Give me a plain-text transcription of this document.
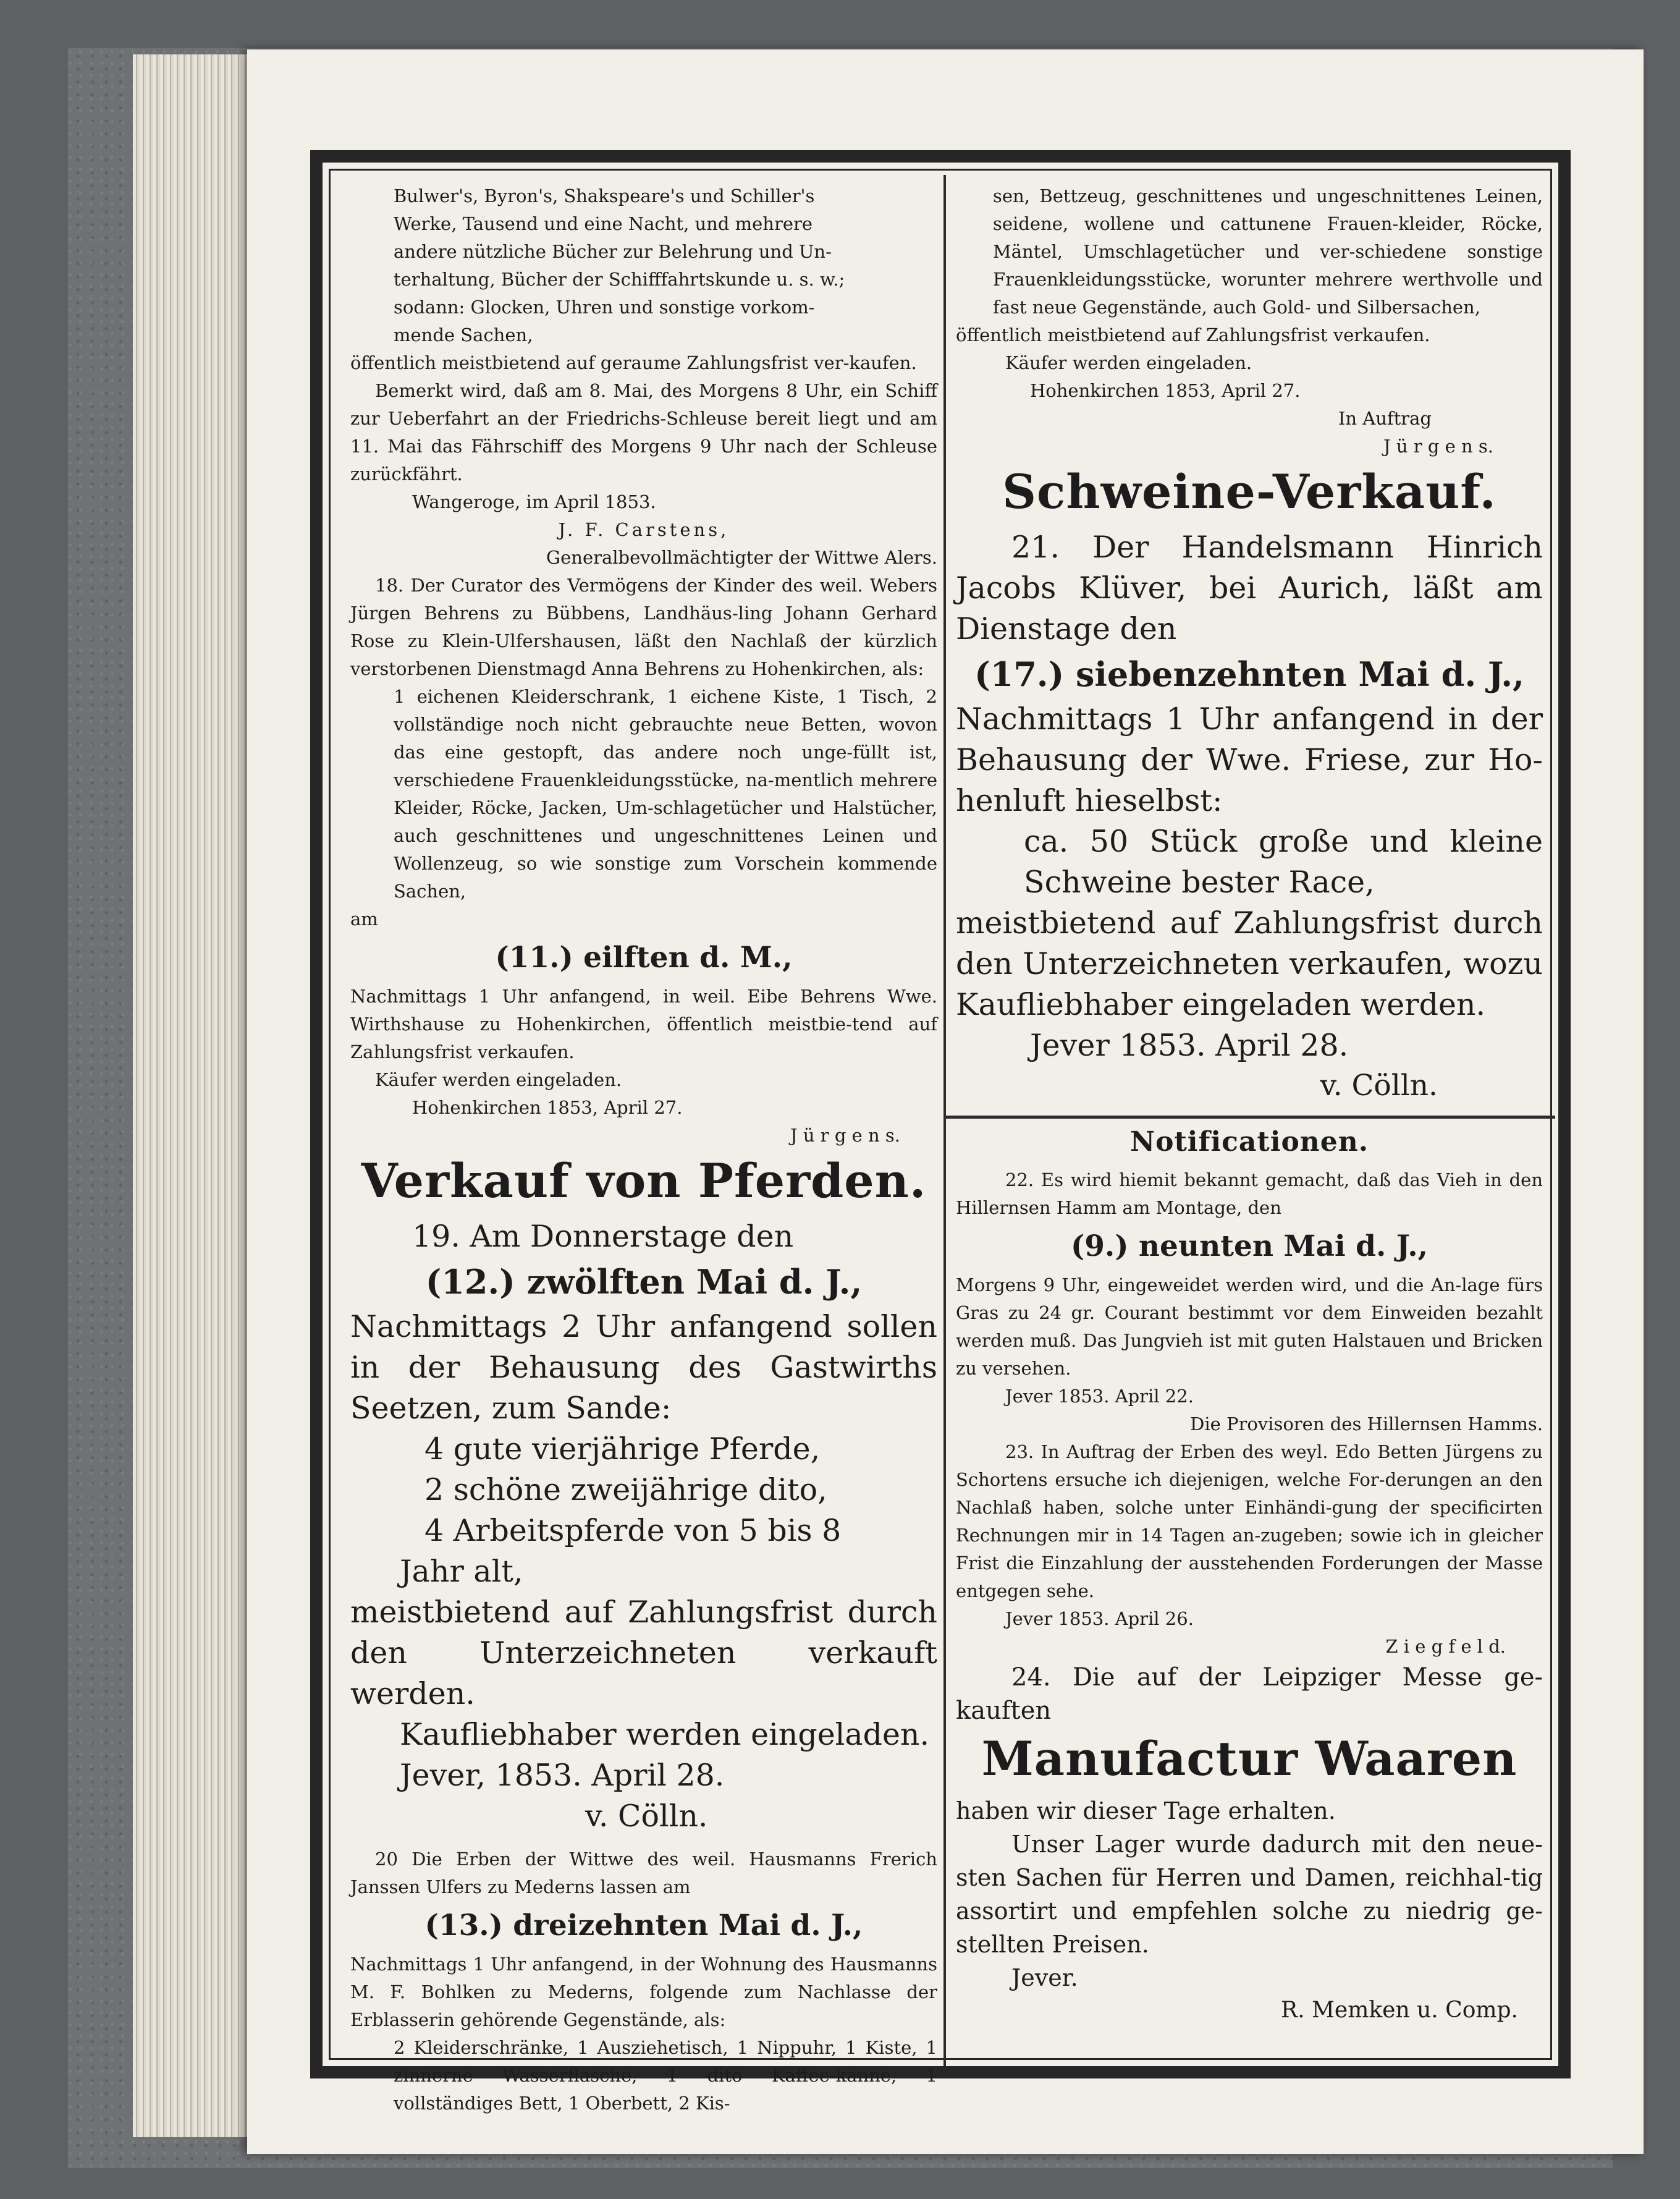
Bulwer's, Byron's, Shakspeare's und Schiller's

Werke, Tausend und eine Nacht, und mehrere

andere nützliche Bücher zur Belehrung und Un-

terhaltung, Bücher der Schifffahrtskunde u. s. w.;

sodann: Glocken, Uhren und sonstige vorkom-

mende Sachen,

öffentlich meistbietend auf geraume Zahlungsfrist ver-kaufen.

Bemerkt wird, daß am 8. Mai, des Morgens 8 Uhr, ein Schiff zur Ueberfahrt an der Friedrichs-Schleuse bereit liegt und am 11. Mai das Fährschiff des Morgens 9 Uhr nach der Schleuse zurückfährt.

Wangeroge, im April 1853.

J. F. Carstens,

Generalbevollmächtigter der Wittwe Alers.

18. Der Curator des Vermögens der Kinder des weil. Webers Jürgen Behrens zu Bübbens, Landhäus-ling Johann Gerhard Rose zu Klein-Ulfershausen, läßt den Nachlaß der kürzlich verstorbenen Dienstmagd Anna Behrens zu Hohenkirchen, als:

1 eichenen Kleiderschrank, 1 eichene Kiste, 1 Tisch, 2 vollständige noch nicht gebrauchte neue Betten, wovon das eine gestopft, das andere noch unge-füllt ist, verschiedene Frauenkleidungsstücke, na-mentlich mehrere Kleider, Röcke, Jacken, Um-schlagetücher und Halstücher, auch geschnittenes und ungeschnittenes Leinen und Wollenzeug, so wie sonstige zum Vorschein kommende Sachen,

am

(11.) eilften d. M.,

Nachmittags 1 Uhr anfangend, in weil. Eibe Behrens Wwe. Wirthshause zu Hohenkirchen, öffentlich meistbie-tend auf Zahlungsfrist verkaufen.

Käufer werden eingeladen.

Hohenkirchen 1853, April 27.

J ü r g e n s.

Verkauf von Pferden.

19. Am Donnerstage den

(12.) zwölften Mai d. J.,

Nachmittags 2 Uhr anfangend sollen in der Behausung des Gastwirths Seetzen, zum Sande:

4 gute vierjährige Pferde,

2 schöne zweijährige dito,

4 Arbeitspferde von 5 bis 8

Jahr alt,

meistbietend auf Zahlungsfrist durch den Unterzeichneten verkauft werden.

Kaufliebhaber werden eingeladen.

Jever, 1853. April 28.

v. Cölln.

20 Die Erben der Wittwe des weil. Hausmanns Frerich Janssen Ulfers zu Mederns lassen am

(13.) dreizehnten Mai d. J.,

Nachmittags 1 Uhr anfangend, in der Wohnung des Hausmanns M. F. Bohlken zu Mederns, folgende zum Nachlasse der Erblasserin gehörende Gegenstände, als:

2 Kleiderschränke, 1 Ausziehetisch, 1 Nippuhr, 1 Kiste, 1 zinnerne Wasserflasche, 1 dito Kaffee-kanne, 1 vollständiges Bett, 1 Oberbett, 2 Kis-

sen, Bettzeug, geschnittenes und ungeschnittenes Leinen, seidene, wollene und cattunene Frauen-kleider, Röcke, Mäntel, Umschlagetücher und ver-schiedene sonstige Frauenkleidungsstücke, worunter mehrere werthvolle und fast neue Gegenstände, auch Gold- und Silbersachen,

öffentlich meistbietend auf Zahlungsfrist verkaufen.

Käufer werden eingeladen.

Hohenkirchen 1853, April 27.

In Auftrag

J ü r g e n s.

Schweine-Verkauf.

21. Der Handelsmann Hinrich Jacobs Klüver, bei Aurich, läßt am Dienstage den

(17.) siebenzehnten Mai d. J.,

Nachmittags 1 Uhr anfangend in der Behausung der Wwe. Friese, zur Ho-henluft hieselbst:

ca. 50 Stück große und kleine Schweine bester Race,

meistbietend auf Zahlungsfrist durch den Unterzeichneten verkaufen, wozu Kaufliebhaber eingeladen werden.

Jever 1853. April 28.

v. Cölln.

Notificationen.

22. Es wird hiemit bekannt gemacht, daß das Vieh in den Hillernsen Hamm am Montage, den

(9.) neunten Mai d. J.,

Morgens 9 Uhr, eingeweidet werden wird, und die An-lage fürs Gras zu 24 gr. Courant bestimmt vor dem Einweiden bezahlt werden muß. Das Jungvieh ist mit guten Halstauen und Bricken zu versehen.

Jever 1853. April 22.

Die Provisoren des Hillernsen Hamms.

23. In Auftrag der Erben des weyl. Edo Betten Jürgens zu Schortens ersuche ich diejenigen, welche For-derungen an den Nachlaß haben, solche unter Einhändi-gung der specificirten Rechnungen mir in 14 Tagen an-zugeben; sowie ich in gleicher Frist die Einzahlung der ausstehenden Forderungen der Masse entgegen sehe.

Jever 1853. April 26.

Z i e g f e l d.

24. Die auf der Leipziger Messe ge-kauften

Manufactur Waaren

haben wir dieser Tage erhalten.

Unser Lager wurde dadurch mit den neue-sten Sachen für Herren und Damen, reichhal-tig assortirt und empfehlen solche zu niedrig ge-stellten Preisen.

Jever.

R. Memken u. Comp.
